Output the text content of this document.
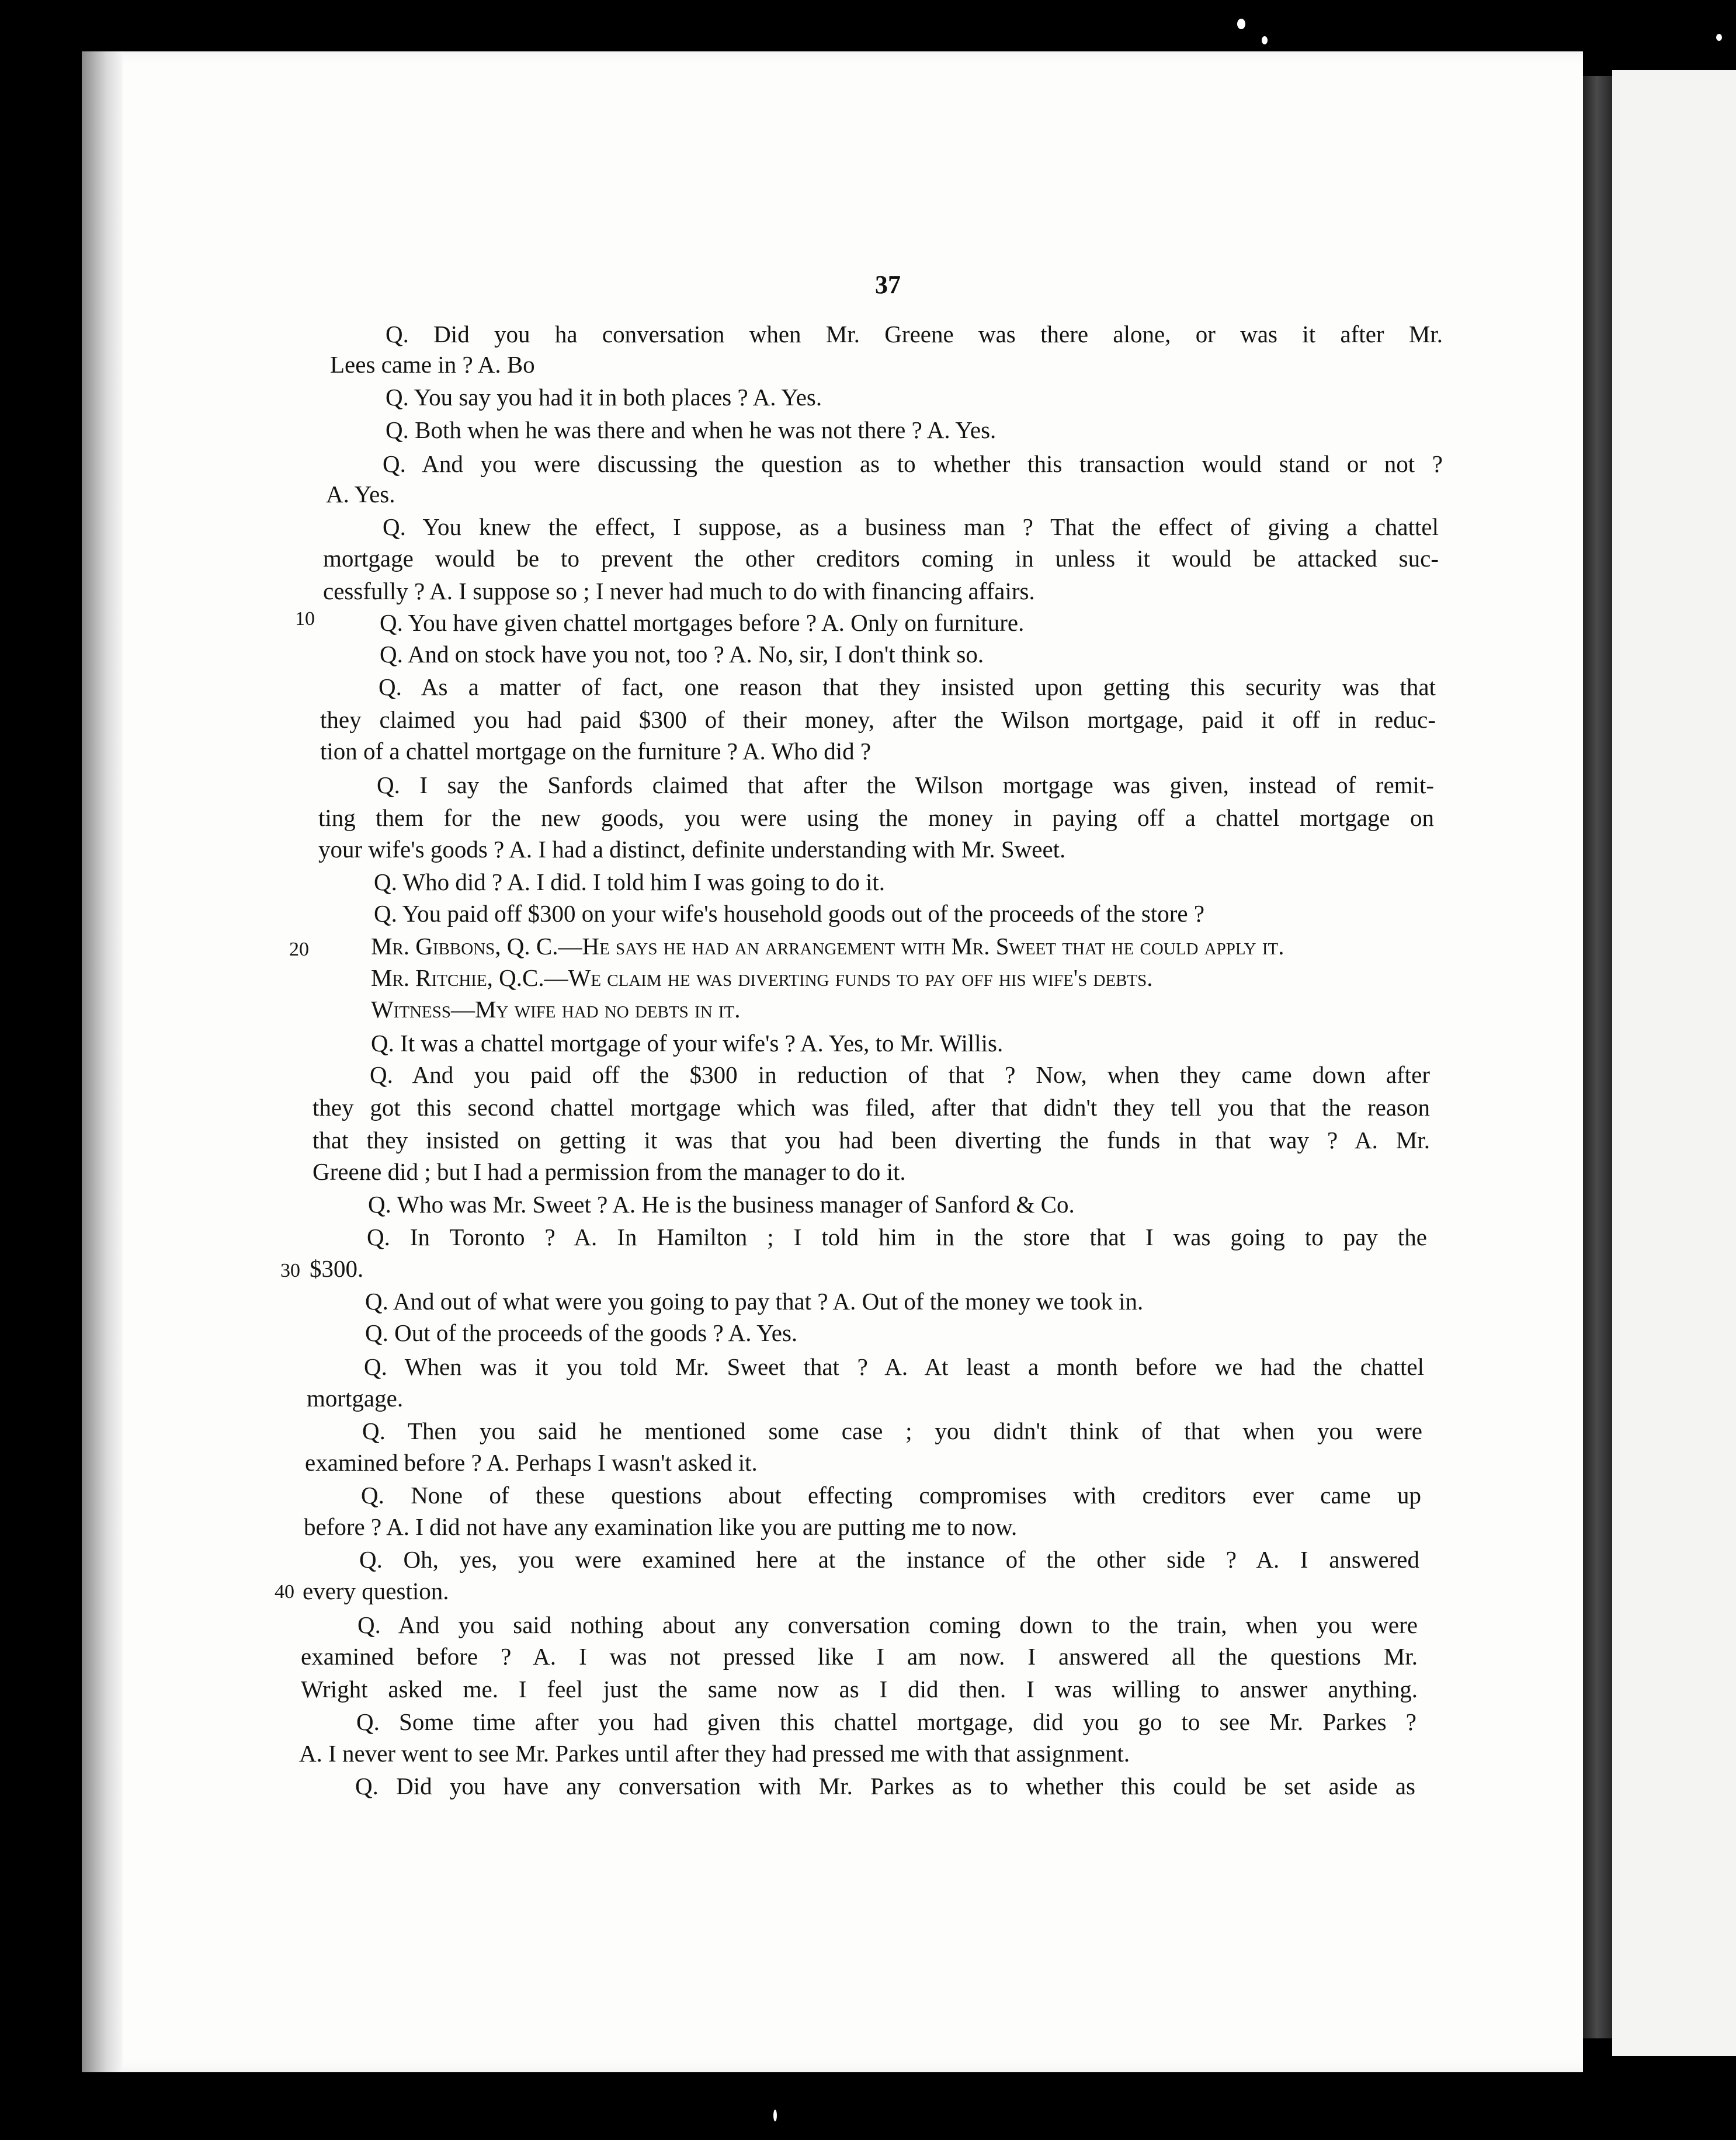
37
10
20
30
40
Q. Did you ha conversation when Mr. Greene was there alone, or was it after Mr.
Lees came in ? A. Bo
Q. You say you had it in both places ? A. Yes.
Q. Both when he was there and when he was not there ? A. Yes.
Q. And you were discussing the question as to whether this transaction would stand or not ?
A. Yes.
Q. You knew the effect, I suppose, as a business man ? That the effect of giving a chattel
mortgage would be to prevent the other creditors coming in unless it would be attacked suc-
cessfully ? A. I suppose so ; I never had much to do with financing affairs.
Q. You have given chattel mortgages before ? A. Only on furniture.
Q. And on stock have you not, too ? A. No, sir, I don't think so.
Q. As a matter of fact, one reason that they insisted upon getting this security was that
they claimed you had paid $300 of their money, after the Wilson mortgage, paid it off in reduc-
tion of a chattel mortgage on the furniture ? A. Who did ?
Q. I say the Sanfords claimed that after the Wilson mortgage was given, instead of remit-
ting them for the new goods, you were using the money in paying off a chattel mortgage on
your wife's goods ? A. I had a distinct, definite understanding with Mr. Sweet.
Q. Who did ? A. I did. I told him I was going to do it.
Q. You paid off $300 on your wife's household goods out of the proceeds of the store ?
Mr. Gibbons, Q. C.—He says he had an arrangement with Mr. Sweet that he could apply it.
Mr. Ritchie, Q.C.—We claim he was diverting funds to pay off his wife's debts.
Witness—My wife had no debts in it.
Q. It was a chattel mortgage of your wife's ? A. Yes, to Mr. Willis.
Q. And you paid off the $300 in reduction of that ? Now, when they came down after
they got this second chattel mortgage which was filed, after that didn't they tell you that the reason
that they insisted on getting it was that you had been diverting the funds in that way ? A. Mr.
Greene did ; but I had a permission from the manager to do it.
Q. Who was Mr. Sweet ? A. He is the business manager of Sanford & Co.
Q. In Toronto ? A. In Hamilton ; I told him in the store that I was going to pay the
$300.
Q. And out of what were you going to pay that ? A. Out of the money we took in.
Q. Out of the proceeds of the goods ? A. Yes.
Q. When was it you told Mr. Sweet that ? A. At least a month before we had the chattel
mortgage.
Q. Then you said he mentioned some case ; you didn't think of that when you were
examined before ? A. Perhaps I wasn't asked it.
Q. None of these questions about effecting compromises with creditors ever came up
before ? A. I did not have any examination like you are putting me to now.
Q. Oh, yes, you were examined here at the instance of the other side ? A. I answered
every question.
Q. And you said nothing about any conversation coming down to the train, when you were
examined before ? A. I was not pressed like I am now. I answered all the questions Mr.
Wright asked me. I feel just the same now as I did then. I was willing to answer anything.
Q. Some time after you had given this chattel mortgage, did you go to see Mr. Parkes ?
A. I never went to see Mr. Parkes until after they had pressed me with that assignment.
Q. Did you have any conversation with Mr. Parkes as to whether this could be set aside as
